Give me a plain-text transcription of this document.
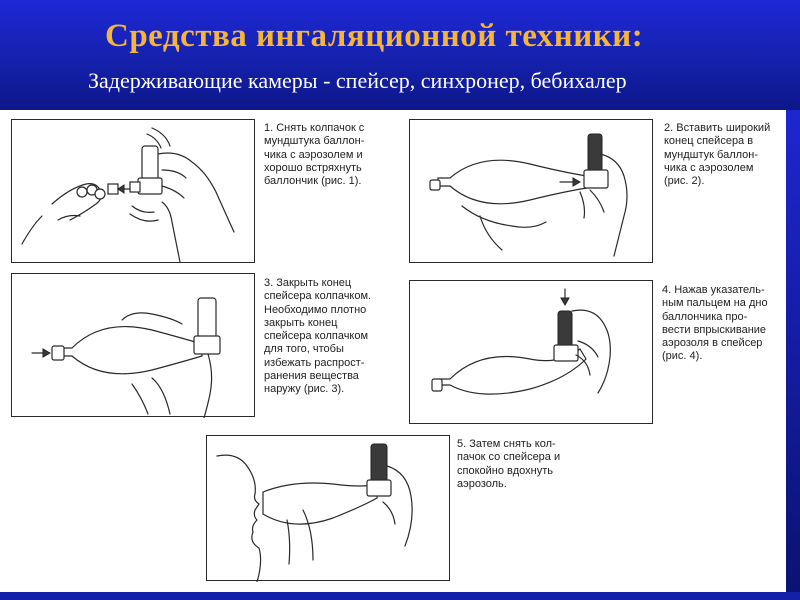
Средства ингаляционной техники:
Задерживающие камеры - спейсер, синхронер, бебихалер
1. Снять колпачок с
мундштука баллон-
чика с аэрозолем и
хорошо встряхнуть
баллончик (рис. 1).
2. Вставить широкий
конец спейсера в
мундштук баллон-
чика с аэрозолем
(рис. 2).
3. Закрыть конец
спейсера колпачком.
Необходимо плотно
закрыть конец
спейсера колпачком
для того, чтобы
избежать распрост-
ранения вещества
наружу (рис. 3).
4. Нажав указатель-
ным пальцем на дно
баллончика про-
вести впрыскивание
аэрозоля в спейсер
(рис. 4).
5. Затем снять кол-
пачок со спейсера и
спокойно вдохнуть
аэрозоль.
